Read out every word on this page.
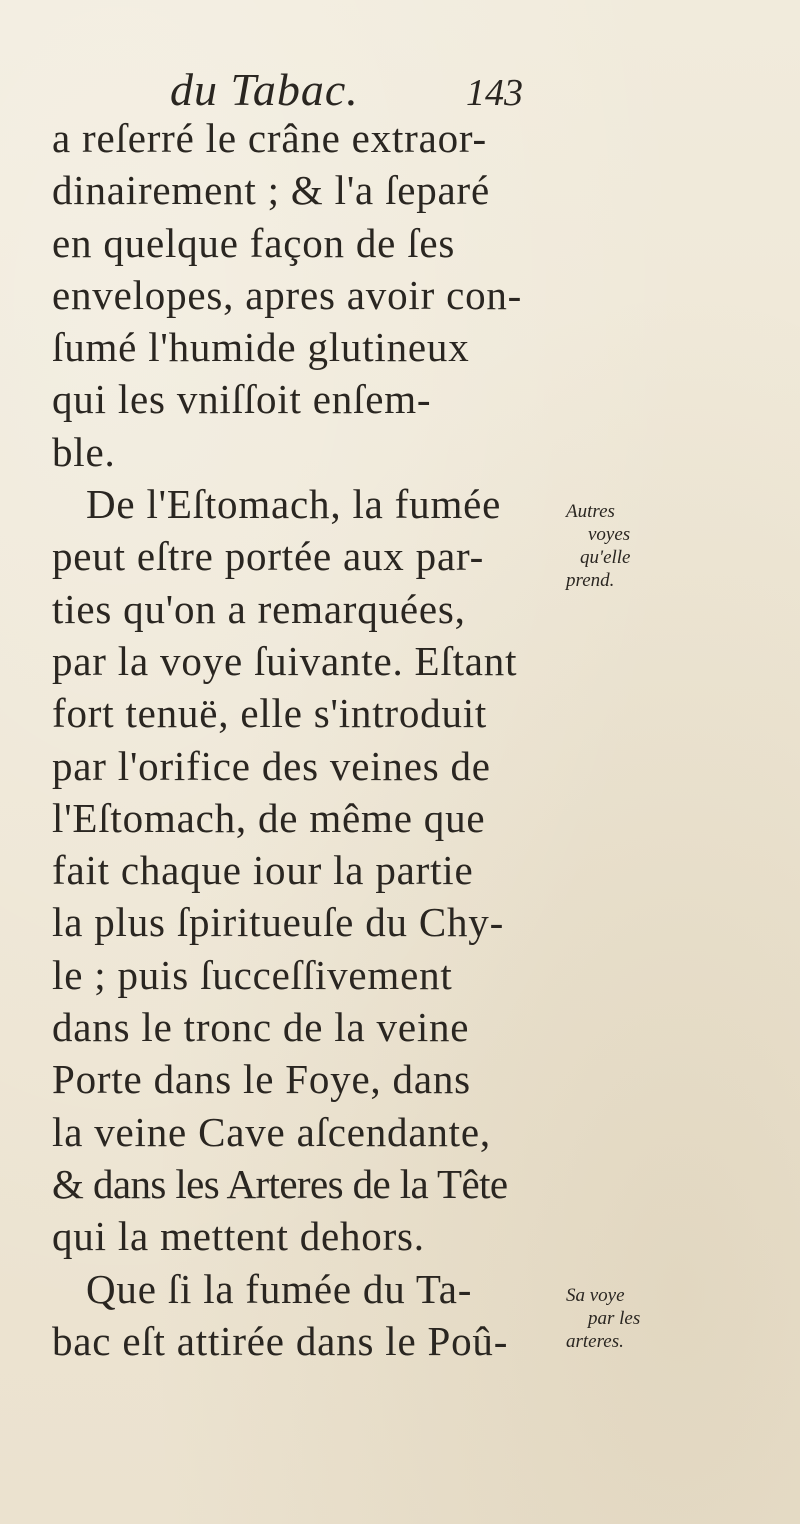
du Tabac.	143
a reſerré le crâne extraor-
dinairement ; & l'a ſeparé
en quelque façon de ſes
envelopes, apres avoir con-
ſumé l'humide glutineux
qui les vniſſoit enſem-
ble.
De l'Eſtomach, la fumée
peut eſtre portée aux par-
ties qu'on a remarquées,
par la voye ſuivante. Eſtant
fort tenuë, elle s'introduit
par l'orifice des veines de
l'Eſtomach, de même que
fait chaque iour la partie
la plus ſpiritueuſe du Chy-
le ; puis ſucceſſivement
dans le tronc de la veine
Porte dans le Foye, dans
la veine Cave aſcendante,
& dans les Arteres de la Tête
qui la mettent dehors.
Que ſi la fumée du Ta-
bac eſt attirée dans le Poû-
Autres
voyes
qu'elle
prend.
Sa voye
par les
arteres.
